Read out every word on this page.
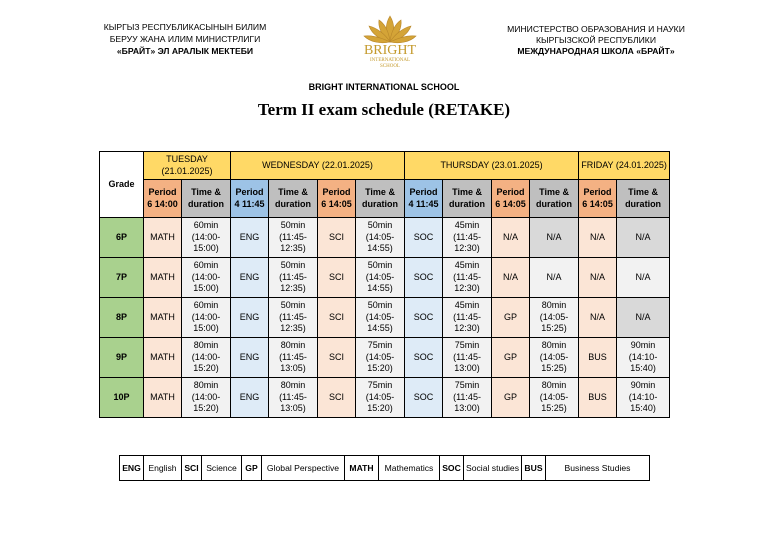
КЫРГЫЗ РЕСПУБЛИКАСЫНЫН БИЛИМ
БЕРУУ ЖАНА ИЛИМ МИНИСТРЛИГИ
«БРАЙТ» ЭЛ АРАЛЫК МЕКТЕБИ	BRIGHT
INTERNATIONAL
SCHOOL
МИНИСТЕРСТВО ОБРАЗОВАНИЯ И НАУКИ
КЫРГЫЗСКОЙ РЕСПУБЛИКИ
МЕЖДУНАРОДНАЯ ШКОЛА «БРАЙТ»
BRIGHT INTERNATIONAL SCHOOL
Term II exam schedule (RETAKE)
Grade	TUESDAY (21.01.2025)		WEDNESDAY (22.01.2025)				THURSDAY (23.01.2025)				FRIDAY (24.01.2025)	
	Period 6 14:00	Time & duration	Period 4 11:45	Time & duration	Period 6 14:05	Time & duration	Period 4 11:45	Time & duration	Period 6 14:05	Time & duration	Period 6 14:05	Time & duration
6P	MATH	60min (14:00-15:00)	ENG	50min (11:45-12:35)	SCI	50min (14:05-14:55)	SOC	45min (11:45-12:30)	N/A	N/A	N/A	N/A
7P	MATH	60min (14:00-15:00)	ENG	50min (11:45-12:35)	SCI	50min (14:05-14:55)	SOC	45min (11:45-12:30)	N/A	N/A	N/A	N/A
8P	MATH	60min (14:00-15:00)	ENG	50min (11:45-12:35)	SCI	50min (14:05-14:55)	SOC	45min (11:45-12:30)	GP	80min (14:05-15:25)	N/A	N/A
9P	MATH	80min (14:00-15:20)	ENG	80min (11:45-13:05)	SCI	75min (14:05-15:20)	SOC	75min (11:45-13:00)	GP	80min (14:05-15:25)	BUS	90min (14:10-15:40)
10P	MATH	80min (14:00-15:20)	ENG	80min (11:45-13:05)	SCI	75min (14:05-15:20)	SOC	75min (11:45-13:00)	GP	80min (14:05-15:25)	BUS	90min (14:10-15:40)
ENG	English	SCI	Science	GP	Global Perspective	MATH	Mathematics	SOC	Social studies	BUS	Business Studies
